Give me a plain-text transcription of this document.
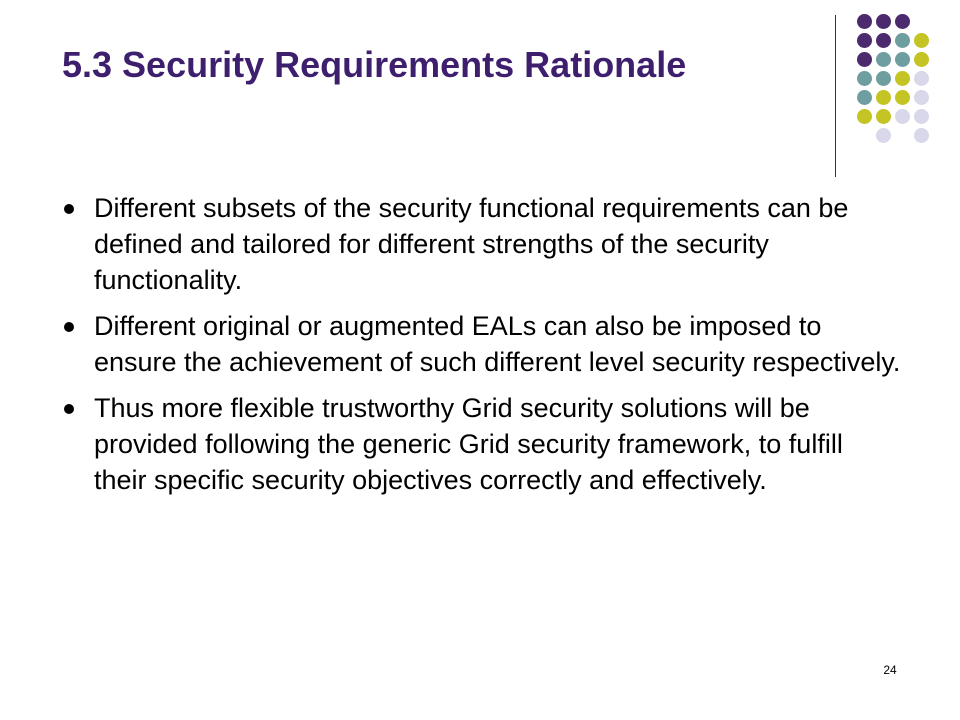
5.3 Security Requirements Rationale
Different subsets of the security functional requirements can be defined and tailored for different strengths of the security functionality.
Different original or augmented EALs can also be imposed to ensure the achievement of such different level security respectively.
Thus more flexible trustworthy Grid security solutions will be provided following the generic Grid security framework, to fulfill their specific security objectives correctly and effectively.
24
